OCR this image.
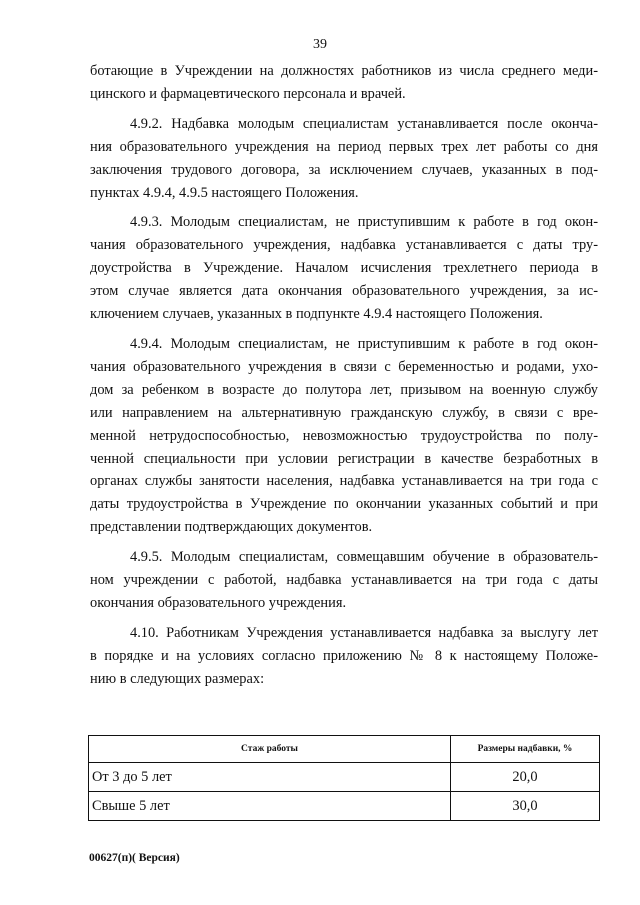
39
ботающие в Учреждении на должностях работников из числа среднего меди-
цинского и фармацевтического персонала и врачей.
4.9.2. Надбавка молодым специалистам устанавливается после оконча-
ния образовательного учреждения на период первых трех лет работы со дня
заключения трудового договора, за исключением случаев, указанных в под-
пунктах 4.9.4, 4.9.5 настоящего Положения.
4.9.3. Молодым специалистам, не приступившим к работе в год окон-
чания образовательного учреждения, надбавка устанавливается с даты тру-
доустройства в Учреждение. Началом исчисления трехлетнего периода в
этом случае является дата окончания образовательного учреждения, за ис-
ключением случаев, указанных в подпункте 4.9.4 настоящего Положения.
4.9.4. Молодым специалистам, не приступившим к работе в год окон-
чания образовательного учреждения в связи с беременностью и родами, ухо-
дом за ребенком в возрасте до полутора лет, призывом на военную службу
или направлением на альтернативную гражданскую службу, в связи с вре-
менной нетрудоспособностью, невозможностью трудоустройства по полу-
ченной специальности при условии регистрации в качестве безработных в
органах службы занятости населения, надбавка устанавливается на три года с
даты трудоустройства в Учреждение по окончании указанных событий и при
представлении подтверждающих документов.
4.9.5. Молодым специалистам, совмещавшим обучение в образователь-
ном учреждении с работой, надбавка устанавливается на три года с даты
окончания образовательного учреждения.
4.10. Работникам Учреждения устанавливается надбавка за выслугу лет
в порядке и на условиях согласно приложению № 8 к настоящему Положе-
нию в следующих размерах:
Стаж работы	Размеры надбавки, %
От 3 до 5 лет	20,0
Свыше 5 лет	30,0
00627(п)( Версия)
